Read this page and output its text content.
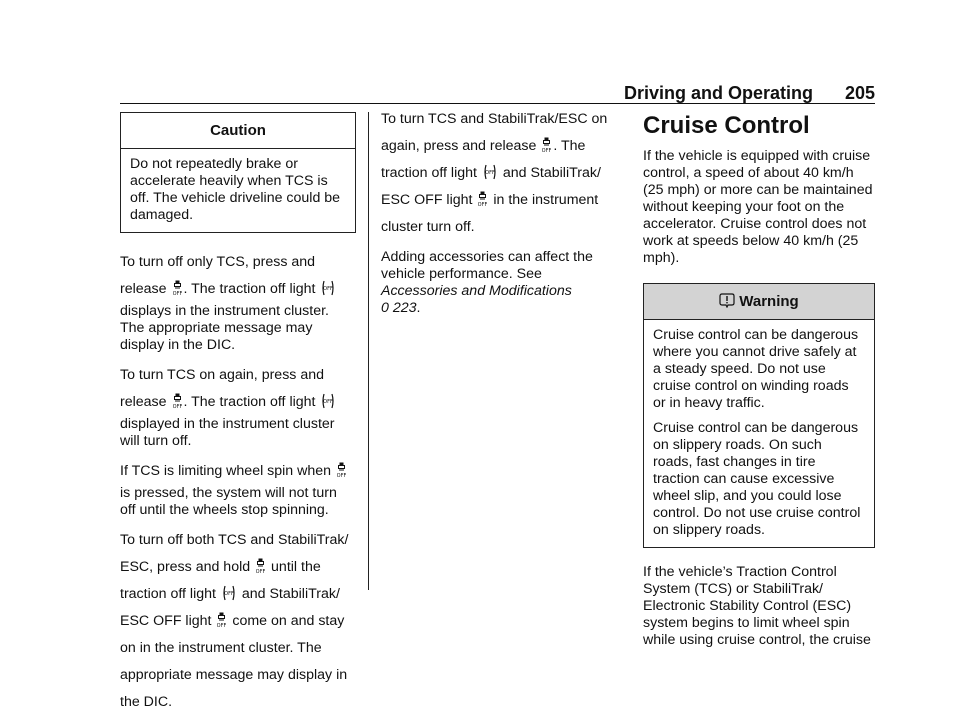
Driving and Operating 205
Caution

Do not repeatedly brake or accelerate heavily when TCS is off. The vehicle driveline could be damaged.

To turn off only TCS, press and release OFF . The traction off light OFF

displays in the instrument cluster. The appropriate message may display in the DIC.

To turn TCS on again, press and release OFF . The traction off light OFF

displayed in the instrument cluster will turn off.

If TCS is limiting wheel spin when OFF

is pressed, the system will not turn off until the wheels stop spinning.

To turn off both TCS and StabiliTrak/ ESC, press and hold OFF until the traction off light OFF and StabiliTrak/ ESC OFF light OFF come on and stay on in the instrument cluster. The appropriate message may display in the DIC.

To turn TCS and StabiliTrak/ESC on again, press and release OFF . The traction off light OFF and StabiliTrak/ ESC OFF light OFF in the instrument cluster turn off.

Adding accessories can affect the vehicle performance. See Accessories and Modifications
0 223.

Cruise Control

If the vehicle is equipped with cruise control, a speed of about 40 km/h (25 mph) or more can be maintained without keeping your foot on the accelerator. Cruise control does not work at speeds below 40 km/h (25 mph).

Warning

Cruise control can be dangerous where you cannot drive safely at a steady speed. Do not use cruise control on winding roads or in heavy traffic.

Cruise control can be dangerous on slippery roads. On such roads, fast changes in tire traction can cause excessive wheel slip, and you could lose control. Do not use cruise control on slippery roads.

If the vehicle’s Traction Control System (TCS) or StabiliTrak/ Electronic Stability Control (ESC) system begins to limit wheel spin while using cruise control, the cruise
